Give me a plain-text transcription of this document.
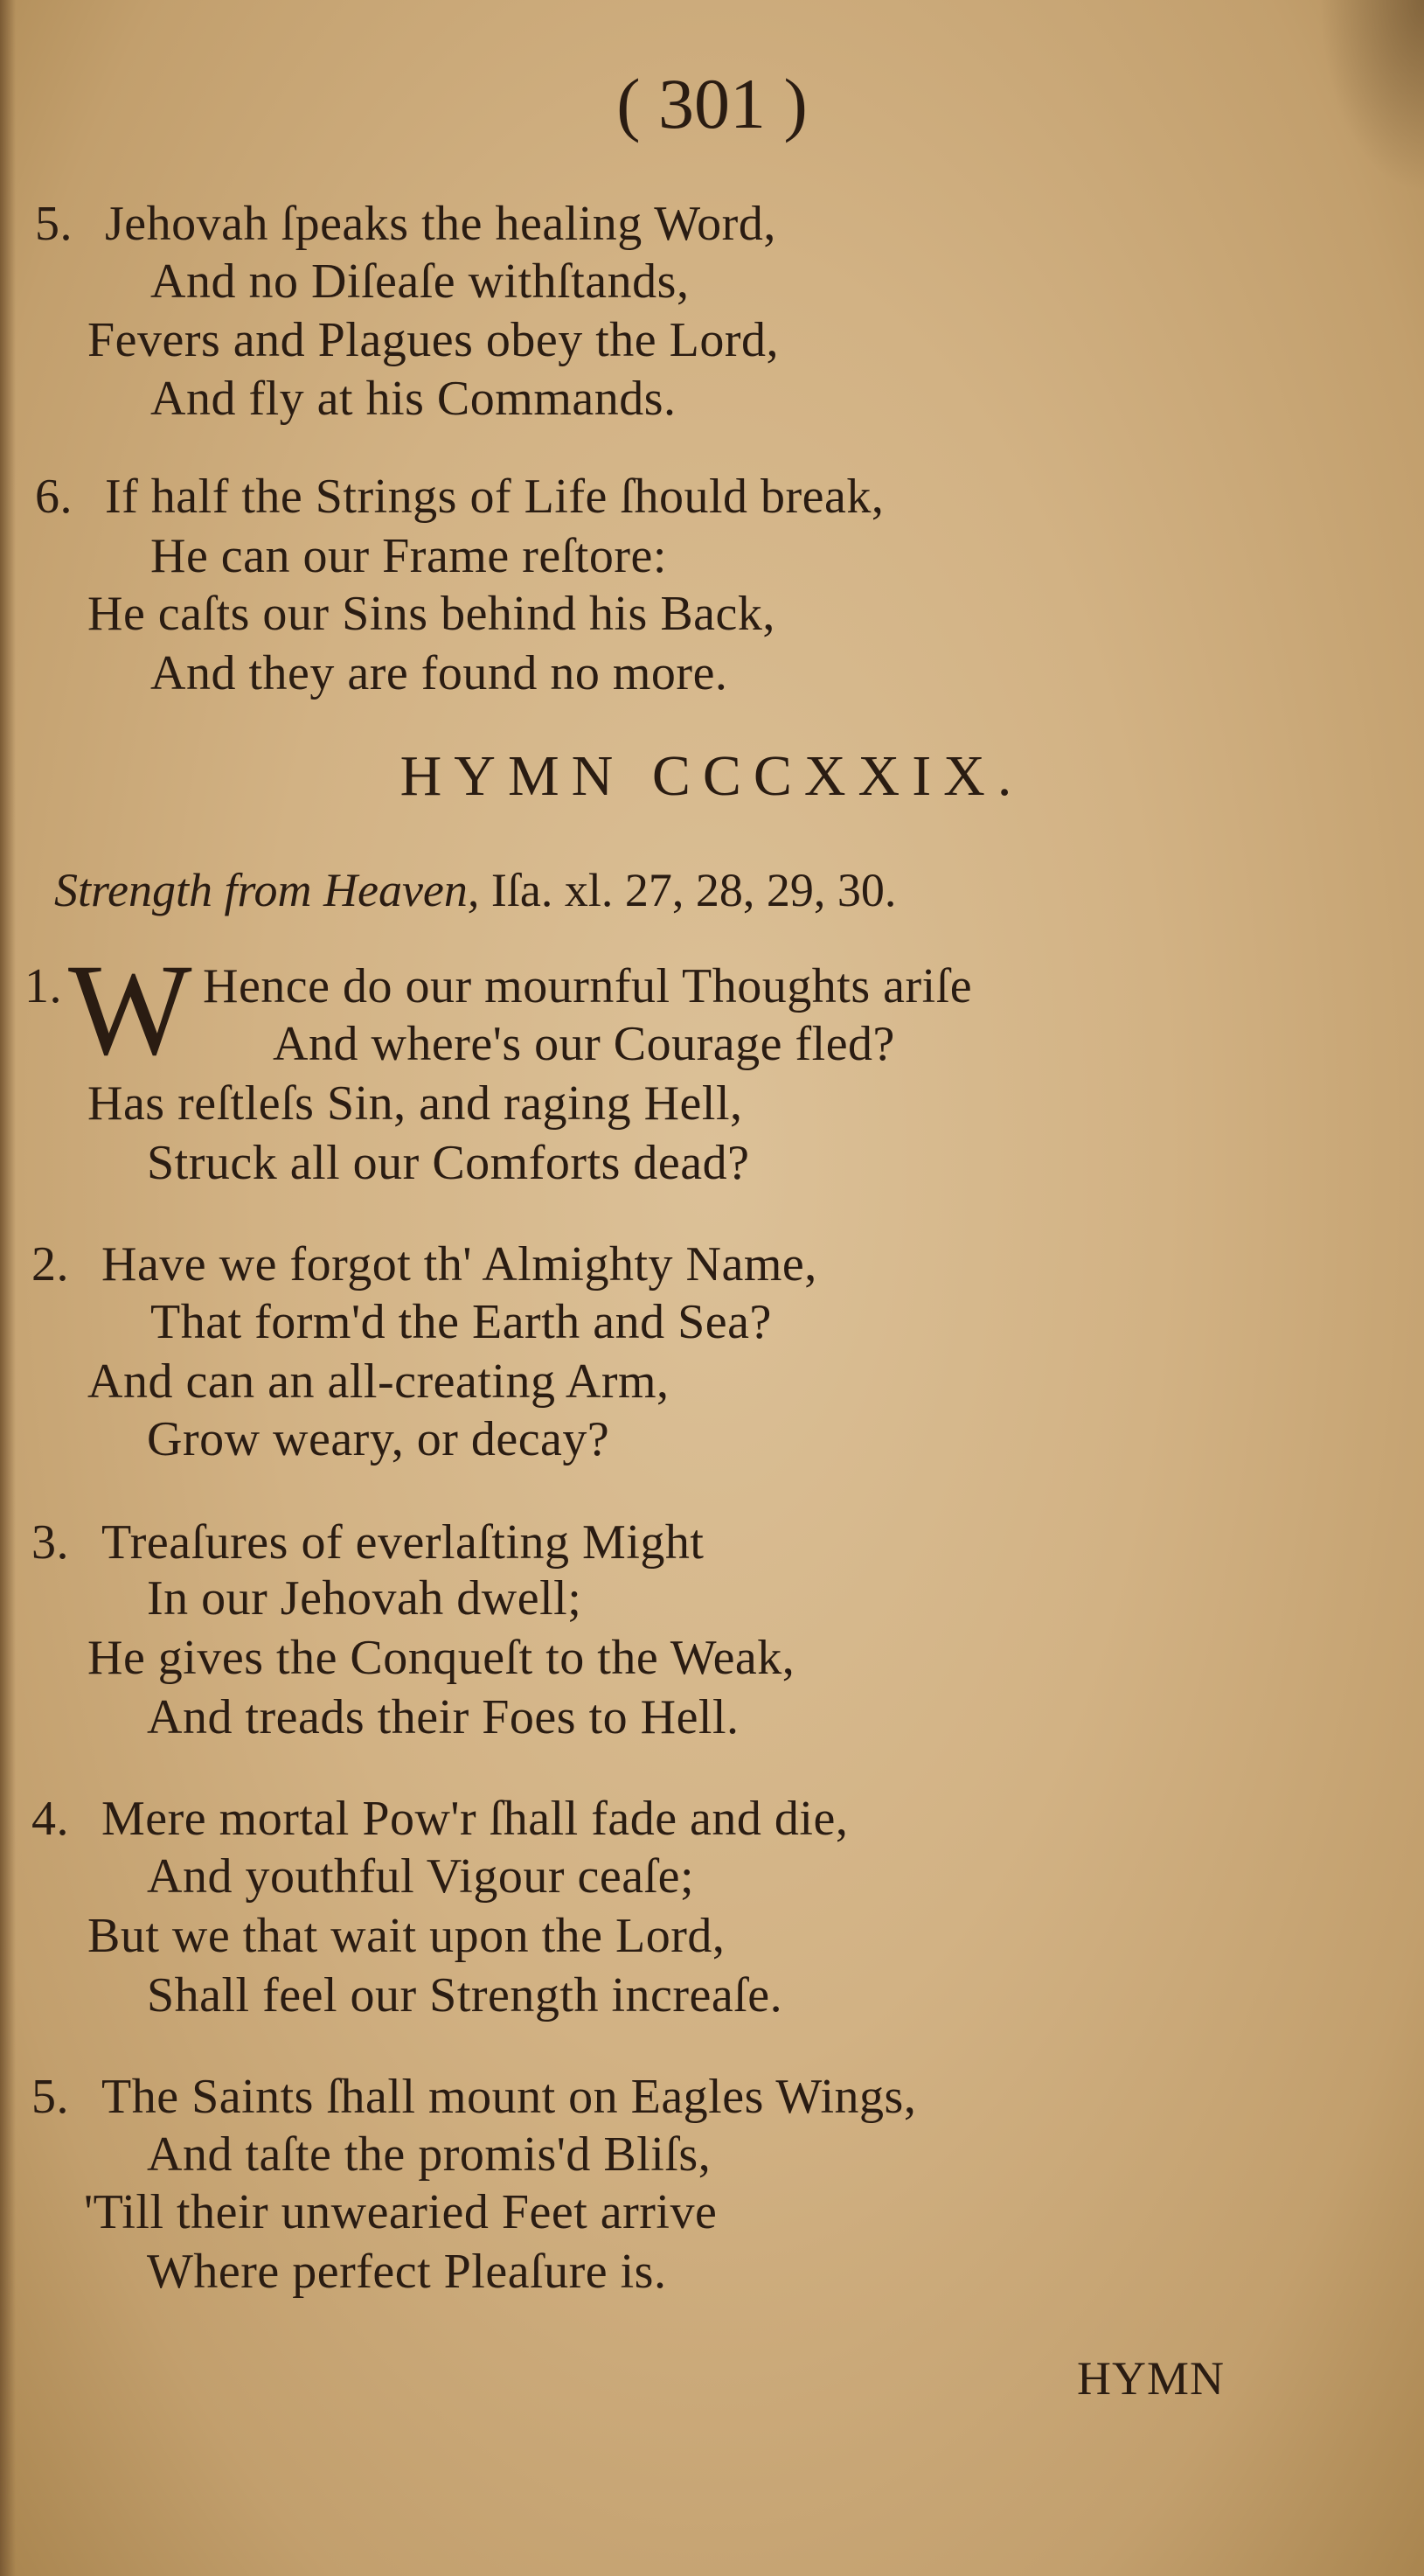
( 301 )
5. Jehovah ſpeaks the healing Word,
And no Diſeaſe withſtands,
Fevers and Plagues obey the Lord,
And fly at his Commands.
6. If half the Strings of Life ſhould break,
He can our Frame reſtore:
He caſts our Sins behind his Back,
And they are found no more.
HYMN CCCXXIX.
Strength from Heaven, Iſa. xl. 27, 28, 29, 30.
1. W Hence do our mournful Thoughts ariſe
And where's our Courage fled?
Has reſtleſs Sin, and raging Hell,
Struck all our Comforts dead?
2. Have we forgot th' Almighty Name,
That form'd the Earth and Sea?
And can an all-creating Arm,
Grow weary, or decay?
3. Treaſures of everlaſting Might
In our Jehovah dwell;
He gives the Conqueſt to the Weak,
And treads their Foes to Hell.
4. Mere mortal Pow'r ſhall fade and die,
And youthful Vigour ceaſe;
But we that wait upon the Lord,
Shall feel our Strength increaſe.
5. The Saints ſhall mount on Eagles Wings,
And taſte the promis'd Bliſs,
'Till their unwearied Feet arrive
Where perfect Pleaſure is.
HYMN
